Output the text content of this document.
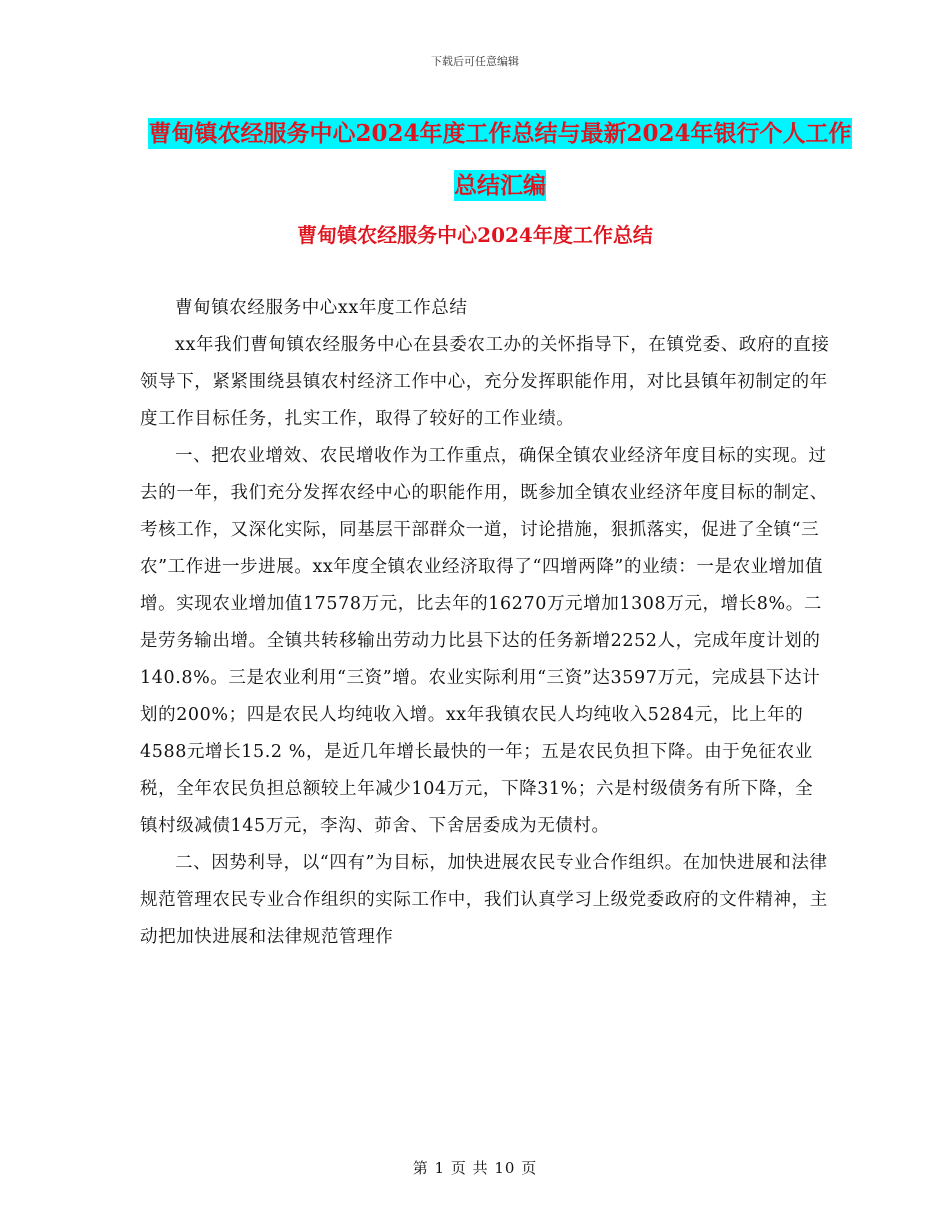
下载后可任意编辑
曹甸镇农经服务中心2024年度工作总结与最新2024年银行个人工作总结汇编
曹甸镇农经服务中心2024年度工作总结

曹甸镇农经服务中心xx年度工作总结

xx年我们曹甸镇农经服务中心在县委农工办的关怀指导下，在镇党委、政府的直接领导下，紧紧围绕县镇农村经济工作中心，充分发挥职能作用，对比县镇年初制定的年度工作目标任务，扎实工作，取得了较好的工作业绩。

一、把农业增效、农民增收作为工作重点，确保全镇农业经济年度目标的实现。过去的一年，我们充分发挥农经中心的职能作用，既参加全镇农业经济年度目标的制定、考核工作，又深化实际，同基层干部群众一道，讨论措施，狠抓落实，促进了全镇“三农”工作进一步进展。xx年度全镇农业经济取得了“四增两降”的业绩：一是农业增加值增。实现农业增加值17578万元，比去年的16270万元增加1308万元，增长8%。二是劳务输出增。全镇共转移输出劳动力比县下达的任务新增2252人，完成年度计划的140.8%。三是农业利用“三资”增。农业实际利用“三资”达3597万元，完成县下达计划的200%；四是农民人均纯收入增。xx年我镇农民人均纯收入5284元，比上年的4588元增长15.2 %，是近几年增长最快的一年；五是农民负担下降。由于免征农业税，全年农民负担总额较上年减少104万元，下降31%；六是村级债务有所下降，全镇村级减债145万元，李沟、茆舍、下舍居委成为无债村。

二、因势利导，以“四有”为目标，加快进展农民专业合作组织。在加快进展和法律规范管理农民专业合作组织的实际工作中，我们认真学习上级党委政府的文件精神，主动把加快进展和法律规范管理作

第 1 页 共 10 页
